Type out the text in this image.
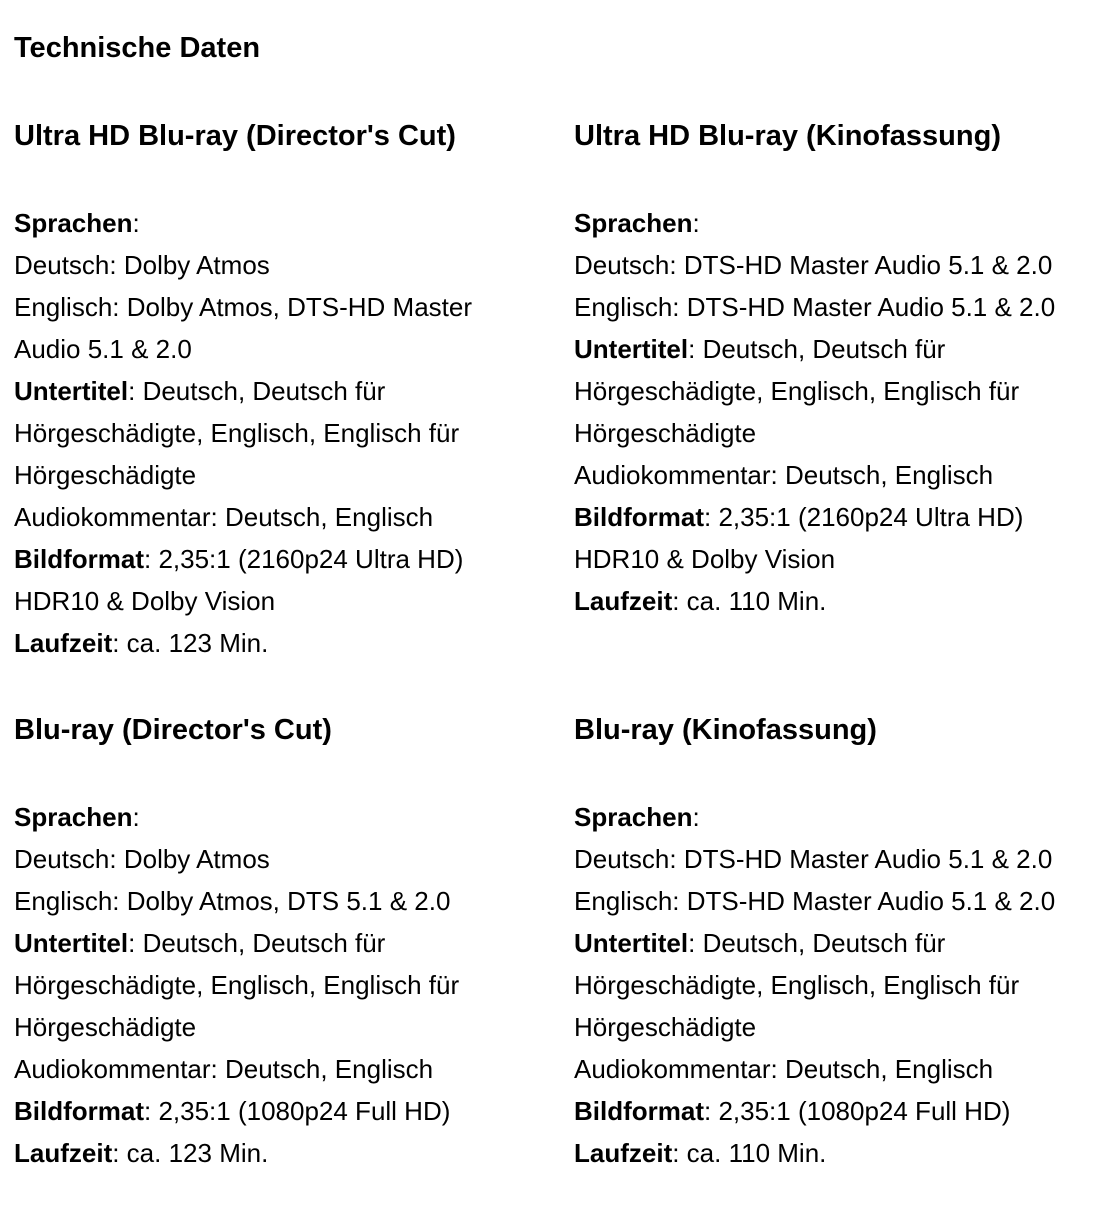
Technische Daten
Ultra HD Blu-ray (Director's Cut)
Sprachen:
Deutsch: Dolby Atmos
Englisch: Dolby Atmos, DTS-HD Master
Audio 5.1 & 2.0
Untertitel: Deutsch, Deutsch für
Hörgeschädigte, Englisch, Englisch für
Hörgeschädigte
Audiokommentar: Deutsch, Englisch
Bildformat: 2,35:1 (2160p24 Ultra HD)
HDR10 & Dolby Vision
Laufzeit: ca. 123 Min.
Ultra HD Blu-ray (Kinofassung)
Sprachen:
Deutsch: DTS-HD Master Audio 5.1 & 2.0
Englisch: DTS-HD Master Audio 5.1 & 2.0
Untertitel: Deutsch, Deutsch für
Hörgeschädigte, Englisch, Englisch für
Hörgeschädigte
Audiokommentar: Deutsch, Englisch
Bildformat: 2,35:1 (2160p24 Ultra HD)
HDR10 & Dolby Vision
Laufzeit: ca. 110 Min.
Blu-ray (Director's Cut)
Sprachen:
Deutsch: Dolby Atmos
Englisch: Dolby Atmos, DTS 5.1 & 2.0
Untertitel: Deutsch, Deutsch für
Hörgeschädigte, Englisch, Englisch für
Hörgeschädigte
Audiokommentar: Deutsch, Englisch
Bildformat: 2,35:1 (1080p24 Full HD)
Laufzeit: ca. 123 Min.
Blu-ray (Kinofassung)
Sprachen:
Deutsch: DTS-HD Master Audio 5.1 & 2.0
Englisch: DTS-HD Master Audio 5.1 & 2.0
Untertitel: Deutsch, Deutsch für
Hörgeschädigte, Englisch, Englisch für
Hörgeschädigte
Audiokommentar: Deutsch, Englisch
Bildformat: 2,35:1 (1080p24 Full HD)
Laufzeit: ca. 110 Min.
